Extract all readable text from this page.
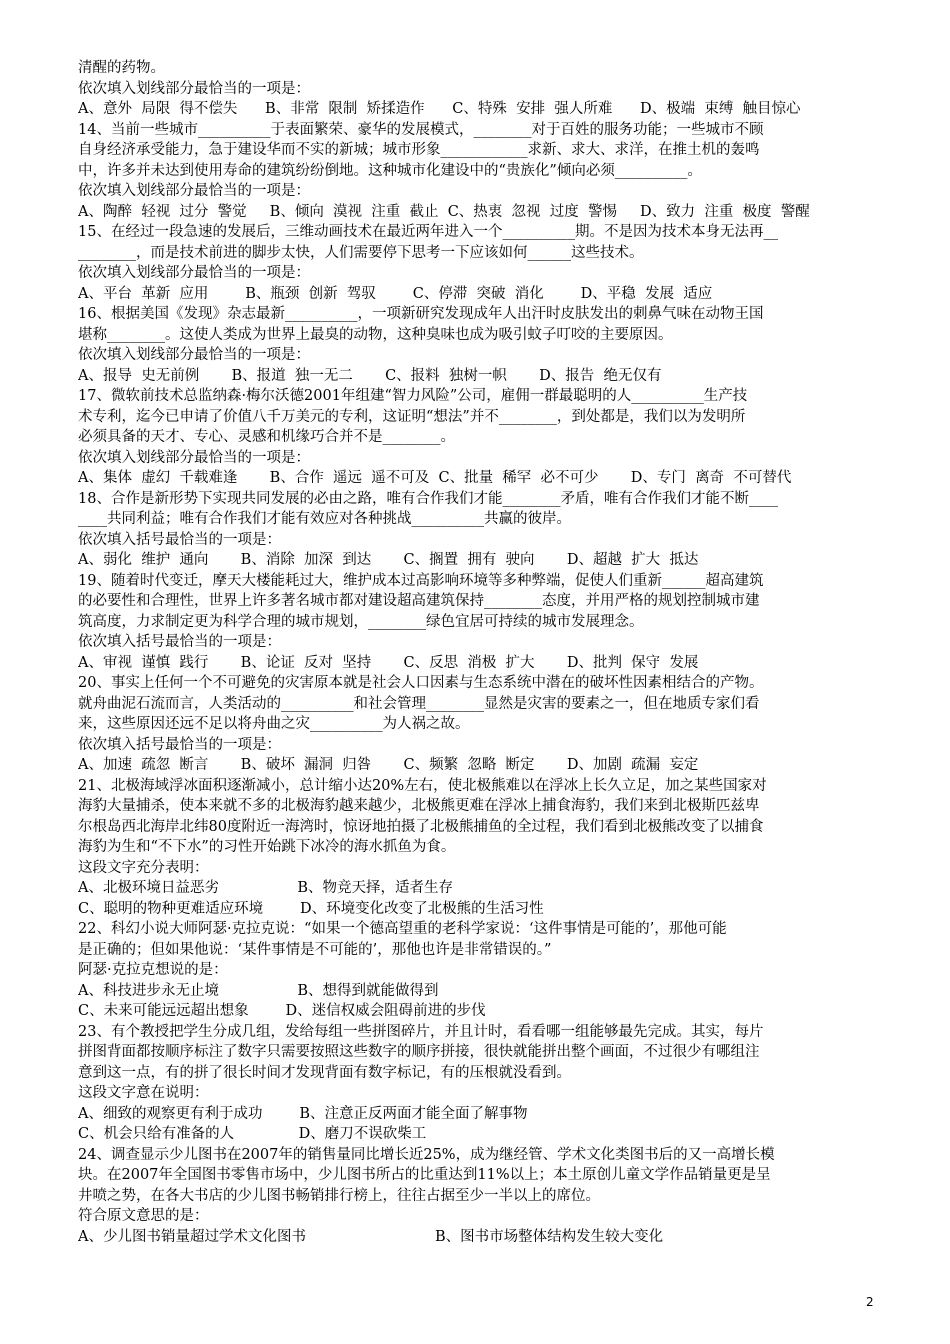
清醒的药物。
依次填入划线部分最恰当的一项是：
A、意外  局限  得不偿失      B、非常  限制  矫揉造作      C、特殊  安排  强人所难      D、极端  束缚  触目惊心
14、当前一些城市__________于表面繁荣、豪华的发展模式，________对于百姓的服务功能；一些城市不顾
自身经济承受能力，急于建设华而不实的新城；城市形象____________求新、求大、求洋，在推土机的轰鸣
中，许多并未达到使用寿命的建筑纷纷倒地。这种城市化建设中的“贵族化”倾向必须__________。
依次填入划线部分最恰当的一项是：
A、陶醉  轻视  过分  警觉     B、倾向  漠视  注重  截止  C、热衷  忽视  过度  警惕     D、致力  注重  极度  警醒
15、在经过一段急速的发展后，三维动画技术在最近两年进入一个__________期。不是因为技术本身无法再__
________，而是技术前进的脚步太快，人们需要停下思考一下应该如何______这些技术。
依次填入划线部分最恰当的一项是：
A、平台  革新  应用        B、瓶颈  创新  驾驭        C、停滞  突破  消化        D、平稳  发展  适应
16、根据美国《发现》杂志最新__________，一项新研究发现成年人出汗时皮肤发出的刺鼻气味在动物王国
堪称________。这使人类成为世界上最臭的动物，这种臭味也成为吸引蚊子叮咬的主要原因。
依次填入划线部分最恰当的一项是：
A、报导  史无前例       B、报道  独一无二       C、报料  独树一帜       D、报告  绝无仅有
17、微软前技术总监纳森·梅尔沃德2001年组建“智力风险”公司，雇佣一群最聪明的人__________生产技
术专利，迄今已申请了价值八千万美元的专利，这证明“想法”并不________，到处都是，我们以为发明所
必须具备的天才、专心、灵感和机缘巧合并不是________。
依次填入划线部分最恰当的一项是：
A、集体  虚幻  千载难逢       B、合作  遥远  遥不可及  C、批量  稀罕  必不可少       D、专门  离奇  不可替代
18、合作是新形势下实现共同发展的必由之路，唯有合作我们才能________矛盾，唯有合作我们才能不断____
____共同利益；唯有合作我们才能有效应对各种挑战__________共赢的彼岸。
依次填入括号最恰当的一项是：
A、弱化  维护  通向       B、消除  加深  到达       C、搁置  拥有  驶向       D、超越  扩大  抵达
19、随着时代变迁，摩天大楼能耗过大，维护成本过高影响环境等多种弊端，促使人们重新______超高建筑
的必要性和合理性，世界上许多著名城市都对建设超高建筑保持________态度，并用严格的规划控制城市建
筑高度，力求制定更为科学合理的城市规划，________绿色宜居可持续的城市发展理念。
依次填入括号最恰当的一项是：
A、审视  谨慎  践行       B、论证  反对  坚持       C、反思  消极  扩大       D、批判  保守  发展
20、事实上任何一个不可避免的灾害原本就是社会人口因素与生态系统中潜在的破坏性因素相结合的产物。
就舟曲泥石流而言，人类活动的__________和社会管理________显然是灾害的要素之一，但在地质专家们看
来，这些原因还远不足以将舟曲之灾__________为人祸之故。
依次填入括号最恰当的一项是：
A、加速  疏忽  断言       B、破坏  漏洞  归咎       C、频繁  忽略  断定       D、加剧  疏漏  妄定
21、北极海域浮冰面积逐渐减小，总计缩小达20%左右，使北极熊难以在浮冰上长久立足，加之某些国家对
海豹大量捕杀，使本来就不多的北极海豹越来越少，北极熊更难在浮冰上捕食海豹，我们来到北极斯匹兹卑
尔根岛西北海岸北纬80度附近一海湾时，惊讶地拍摄了北极熊捕鱼的全过程，我们看到北极熊改变了以捕食
海豹为生和“不下水”的习性开始跳下冰冷的海水抓鱼为食。
这段文字充分表明：
A、北极环境日益恶劣                 B、物竞天择，适者生存
C、聪明的物种更难适应环境        D、环境变化改变了北极熊的生活习性
22、科幻小说大师阿瑟·克拉克说：“如果一个德高望重的老科学家说：‘这件事情是可能的’，那他可能
是正确的；但如果他说：‘某件事情是不可能的’，那他也许是非常错误的。”
阿瑟·克拉克想说的是：
A、科技进步永无止境                 B、想得到就能做得到
C、未来可能远远超出想象        D、迷信权威会阻碍前进的步伐
23、有个教授把学生分成几组，发给每组一些拼图碎片，并且计时，看看哪一组能够最先完成。其实，每片
拼图背面都按顺序标注了数字只需要按照这些数字的顺序拼接，很快就能拼出整个画面，不过很少有哪组注
意到这一点，有的拼了很长时间才发现背面有数字标记，有的压根就没看到。
这段文字意在说明：
A、细致的观察更有利于成功        B、注意正反两面才能全面了解事物
C、机会只给有准备的人              D、磨刀不误砍柴工
24、调查显示少儿图书在2007年的销售量同比增长近25%，成为继经管、学术文化类图书后的又一高增长模
块。在2007年全国图书零售市场中，少儿图书所占的比重达到11%以上；本土原创儿童文学作品销量更是呈
井喷之势，在各大书店的少儿图书畅销排行榜上，往往占据至少一半以上的席位。
符合原文意思的是：
A、少儿图书销量超过学术文化图书                            B、图书市场整体结构发生较大变化
2
